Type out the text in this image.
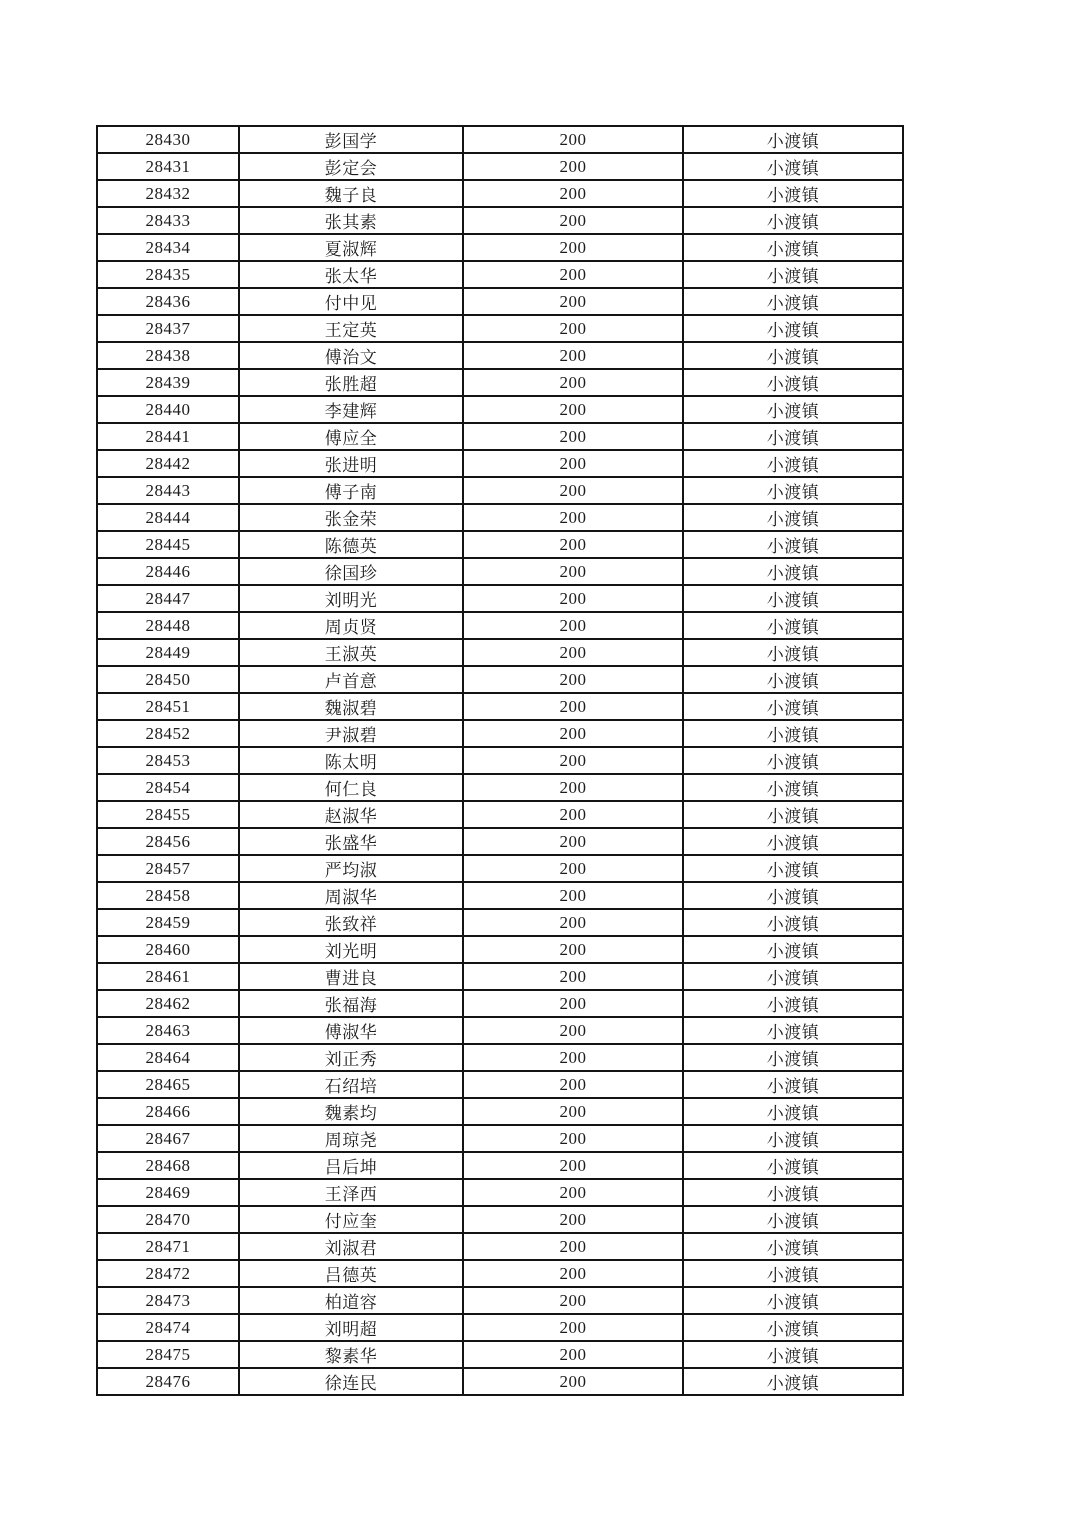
28430	彭国学	200	小渡镇
28431	彭定会	200	小渡镇
28432	魏子良	200	小渡镇
28433	张其素	200	小渡镇
28434	夏淑辉	200	小渡镇
28435	张太华	200	小渡镇
28436	付中见	200	小渡镇
28437	王定英	200	小渡镇
28438	傅治文	200	小渡镇
28439	张胜超	200	小渡镇
28440	李建辉	200	小渡镇
28441	傅应全	200	小渡镇
28442	张进明	200	小渡镇
28443	傅子南	200	小渡镇
28444	张金荣	200	小渡镇
28445	陈德英	200	小渡镇
28446	徐国珍	200	小渡镇
28447	刘明光	200	小渡镇
28448	周贞贤	200	小渡镇
28449	王淑英	200	小渡镇
28450	卢首意	200	小渡镇
28451	魏淑碧	200	小渡镇
28452	尹淑碧	200	小渡镇
28453	陈太明	200	小渡镇
28454	何仁良	200	小渡镇
28455	赵淑华	200	小渡镇
28456	张盛华	200	小渡镇
28457	严均淑	200	小渡镇
28458	周淑华	200	小渡镇
28459	张致祥	200	小渡镇
28460	刘光明	200	小渡镇
28461	曹进良	200	小渡镇
28462	张福海	200	小渡镇
28463	傅淑华	200	小渡镇
28464	刘正秀	200	小渡镇
28465	石绍培	200	小渡镇
28466	魏素均	200	小渡镇
28467	周琼尧	200	小渡镇
28468	吕后坤	200	小渡镇
28469	王泽西	200	小渡镇
28470	付应奎	200	小渡镇
28471	刘淑君	200	小渡镇
28472	吕德英	200	小渡镇
28473	柏道容	200	小渡镇
28474	刘明超	200	小渡镇
28475	黎素华	200	小渡镇
28476	徐连民	200	小渡镇
